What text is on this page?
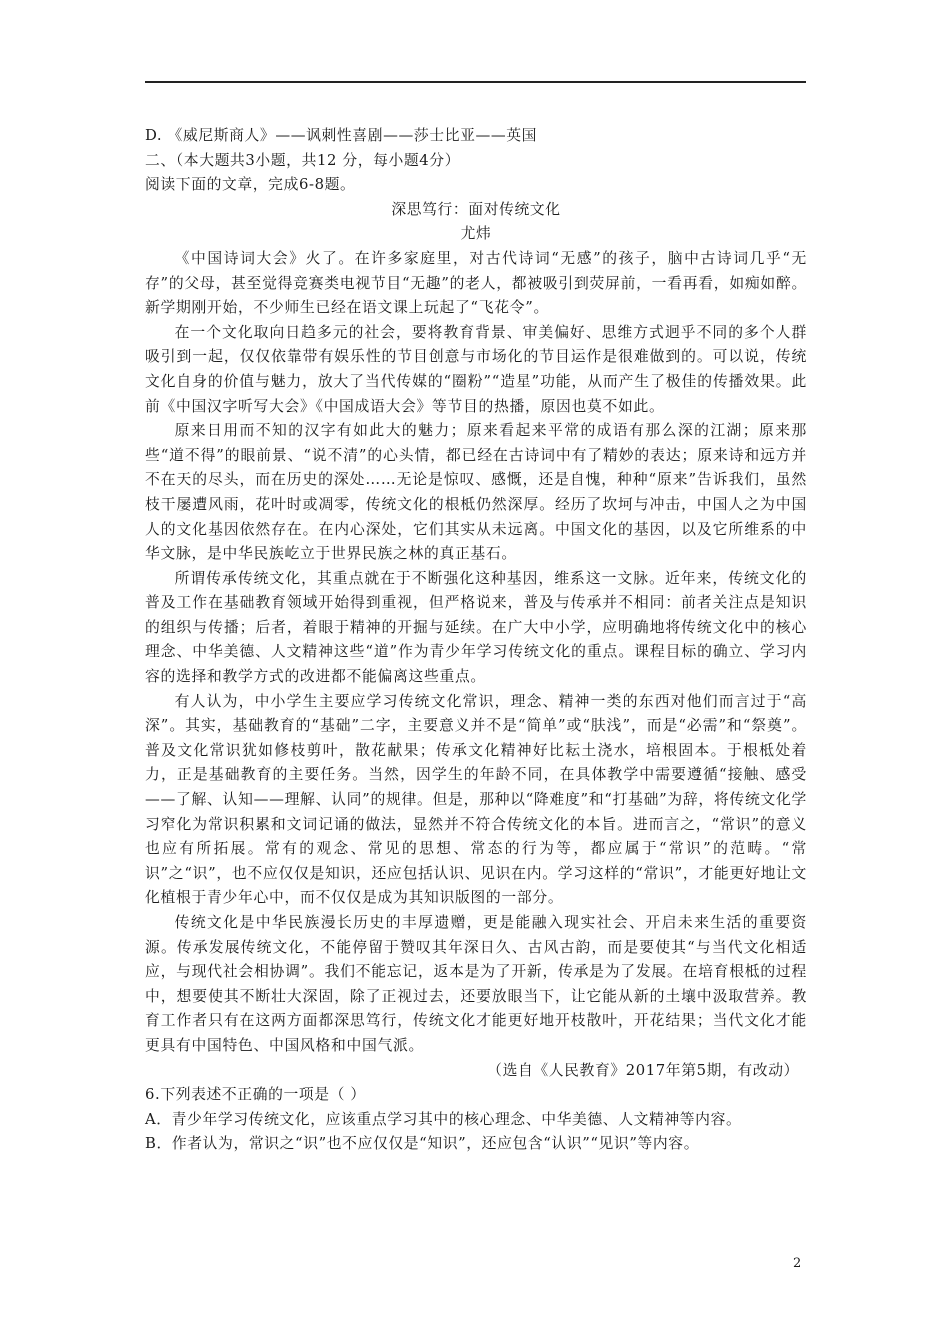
D. 《威尼斯商人》——讽刺性喜剧——莎士比亚——英国
二、（本大题共3小题，共12 分，每小题4分）
阅读下面的文章，完成6-8题。
深思笃行：面对传统文化
尤炜

《中国诗词大会》火了。在许多家庭里，对古代诗词“无感”的孩子，脑中古诗词几乎“无存”的父母，甚至觉得竞赛类电视节目“无趣”的老人，都被吸引到荧屏前，一看再看，如痴如醉。新学期刚开始，不少师生已经在语文课上玩起了“飞花令”。

在一个文化取向日趋多元的社会，要将教育背景、审美偏好、思维方式迥乎不同的多个人群吸引到一起，仅仅依靠带有娱乐性的节目创意与市场化的节目运作是很难做到的。可以说，传统文化自身的价值与魅力，放大了当代传媒的“圈粉”“造星”功能，从而产生了极佳的传播效果。此前《中国汉字听写大会》《中国成语大会》等节目的热播，原因也莫不如此。

原来日用而不知的汉字有如此大的魅力；原来看起来平常的成语有那么深的江湖；原来那些“道不得”的眼前景、“说不清”的心头情，都已经在古诗词中有了精妙的表达；原来诗和远方并不在天的尽头，而在历史的深处……无论是惊叹、感慨，还是自愧，种种“原来”告诉我们，虽然枝干屡遭风雨，花叶时或凋零，传统文化的根柢仍然深厚。经历了坎坷与冲击，中国人之为中国人的文化基因依然存在。在内心深处，它们其实从未远离。中国文化的基因，以及它所维系的中华文脉，是中华民族屹立于世界民族之林的真正基石。

所谓传承传统文化，其重点就在于不断强化这种基因，维系这一文脉。近年来，传统文化的普及工作在基础教育领域开始得到重视，但严格说来，普及与传承并不相同：前者关注点是知识的组织与传播；后者，着眼于精神的开掘与延续。在广大中小学，应明确地将传统文化中的核心理念、中华美德、人文精神这些“道”作为青少年学习传统文化的重点。课程目标的确立、学习内容的选择和教学方式的改进都不能偏离这些重点。

有人认为，中小学生主要应学习传统文化常识，理念、精神一类的东西对他们而言过于“高深”。其实，基础教育的“基础”二字，主要意义并不是“简单”或“肤浅”，而是“必需”和“祭奠”。普及文化常识犹如修枝剪叶，散花献果；传承文化精神好比耘土浇水，培根固本。于根柢处着力，正是基础教育的主要任务。当然，因学生的年龄不同，在具体教学中需要遵循“接触、感受——了解、认知——理解、认同”的规律。但是，那种以“降难度”和“打基础”为辞，将传统文化学习窄化为常识积累和文词记诵的做法，显然并不符合传统文化的本旨。进而言之，“常识”的意义也应有所拓展。常有的观念、常见的思想、常态的行为等，都应属于“常识”的范畴。“常识”之“识”，也不应仅仅是知识，还应包括认识、见识在内。学习这样的“常识”，才能更好地让文化植根于青少年心中，而不仅仅是成为其知识版图的一部分。

传统文化是中华民族漫长历史的丰厚遗赠，更是能融入现实社会、开启未来生活的重要资源。传承发展传统文化，不能停留于赞叹其年深日久、古风古韵，而是要使其“与当代文化相适应，与现代社会相协调”。我们不能忘记，返本是为了开新，传承是为了发展。在培育根柢的过程中，想要使其不断壮大深固，除了正视过去，还要放眼当下，让它能从新的土壤中汲取营养。教育工作者只有在这两方面都深思笃行，传统文化才能更好地开枝散叶，开花结果；当代文化才能更具有中国特色、中国风格和中国气派。

（选自《人民教育》2017年第5期，有改动）
6.下列表述不正确的一项是（ ）
A．青少年学习传统文化，应该重点学习其中的核心理念、中华美德、人文精神等内容。
B．作者认为，常识之“识”也不应仅仅是“知识”，还应包含“认识”“见识”等内容。
2
